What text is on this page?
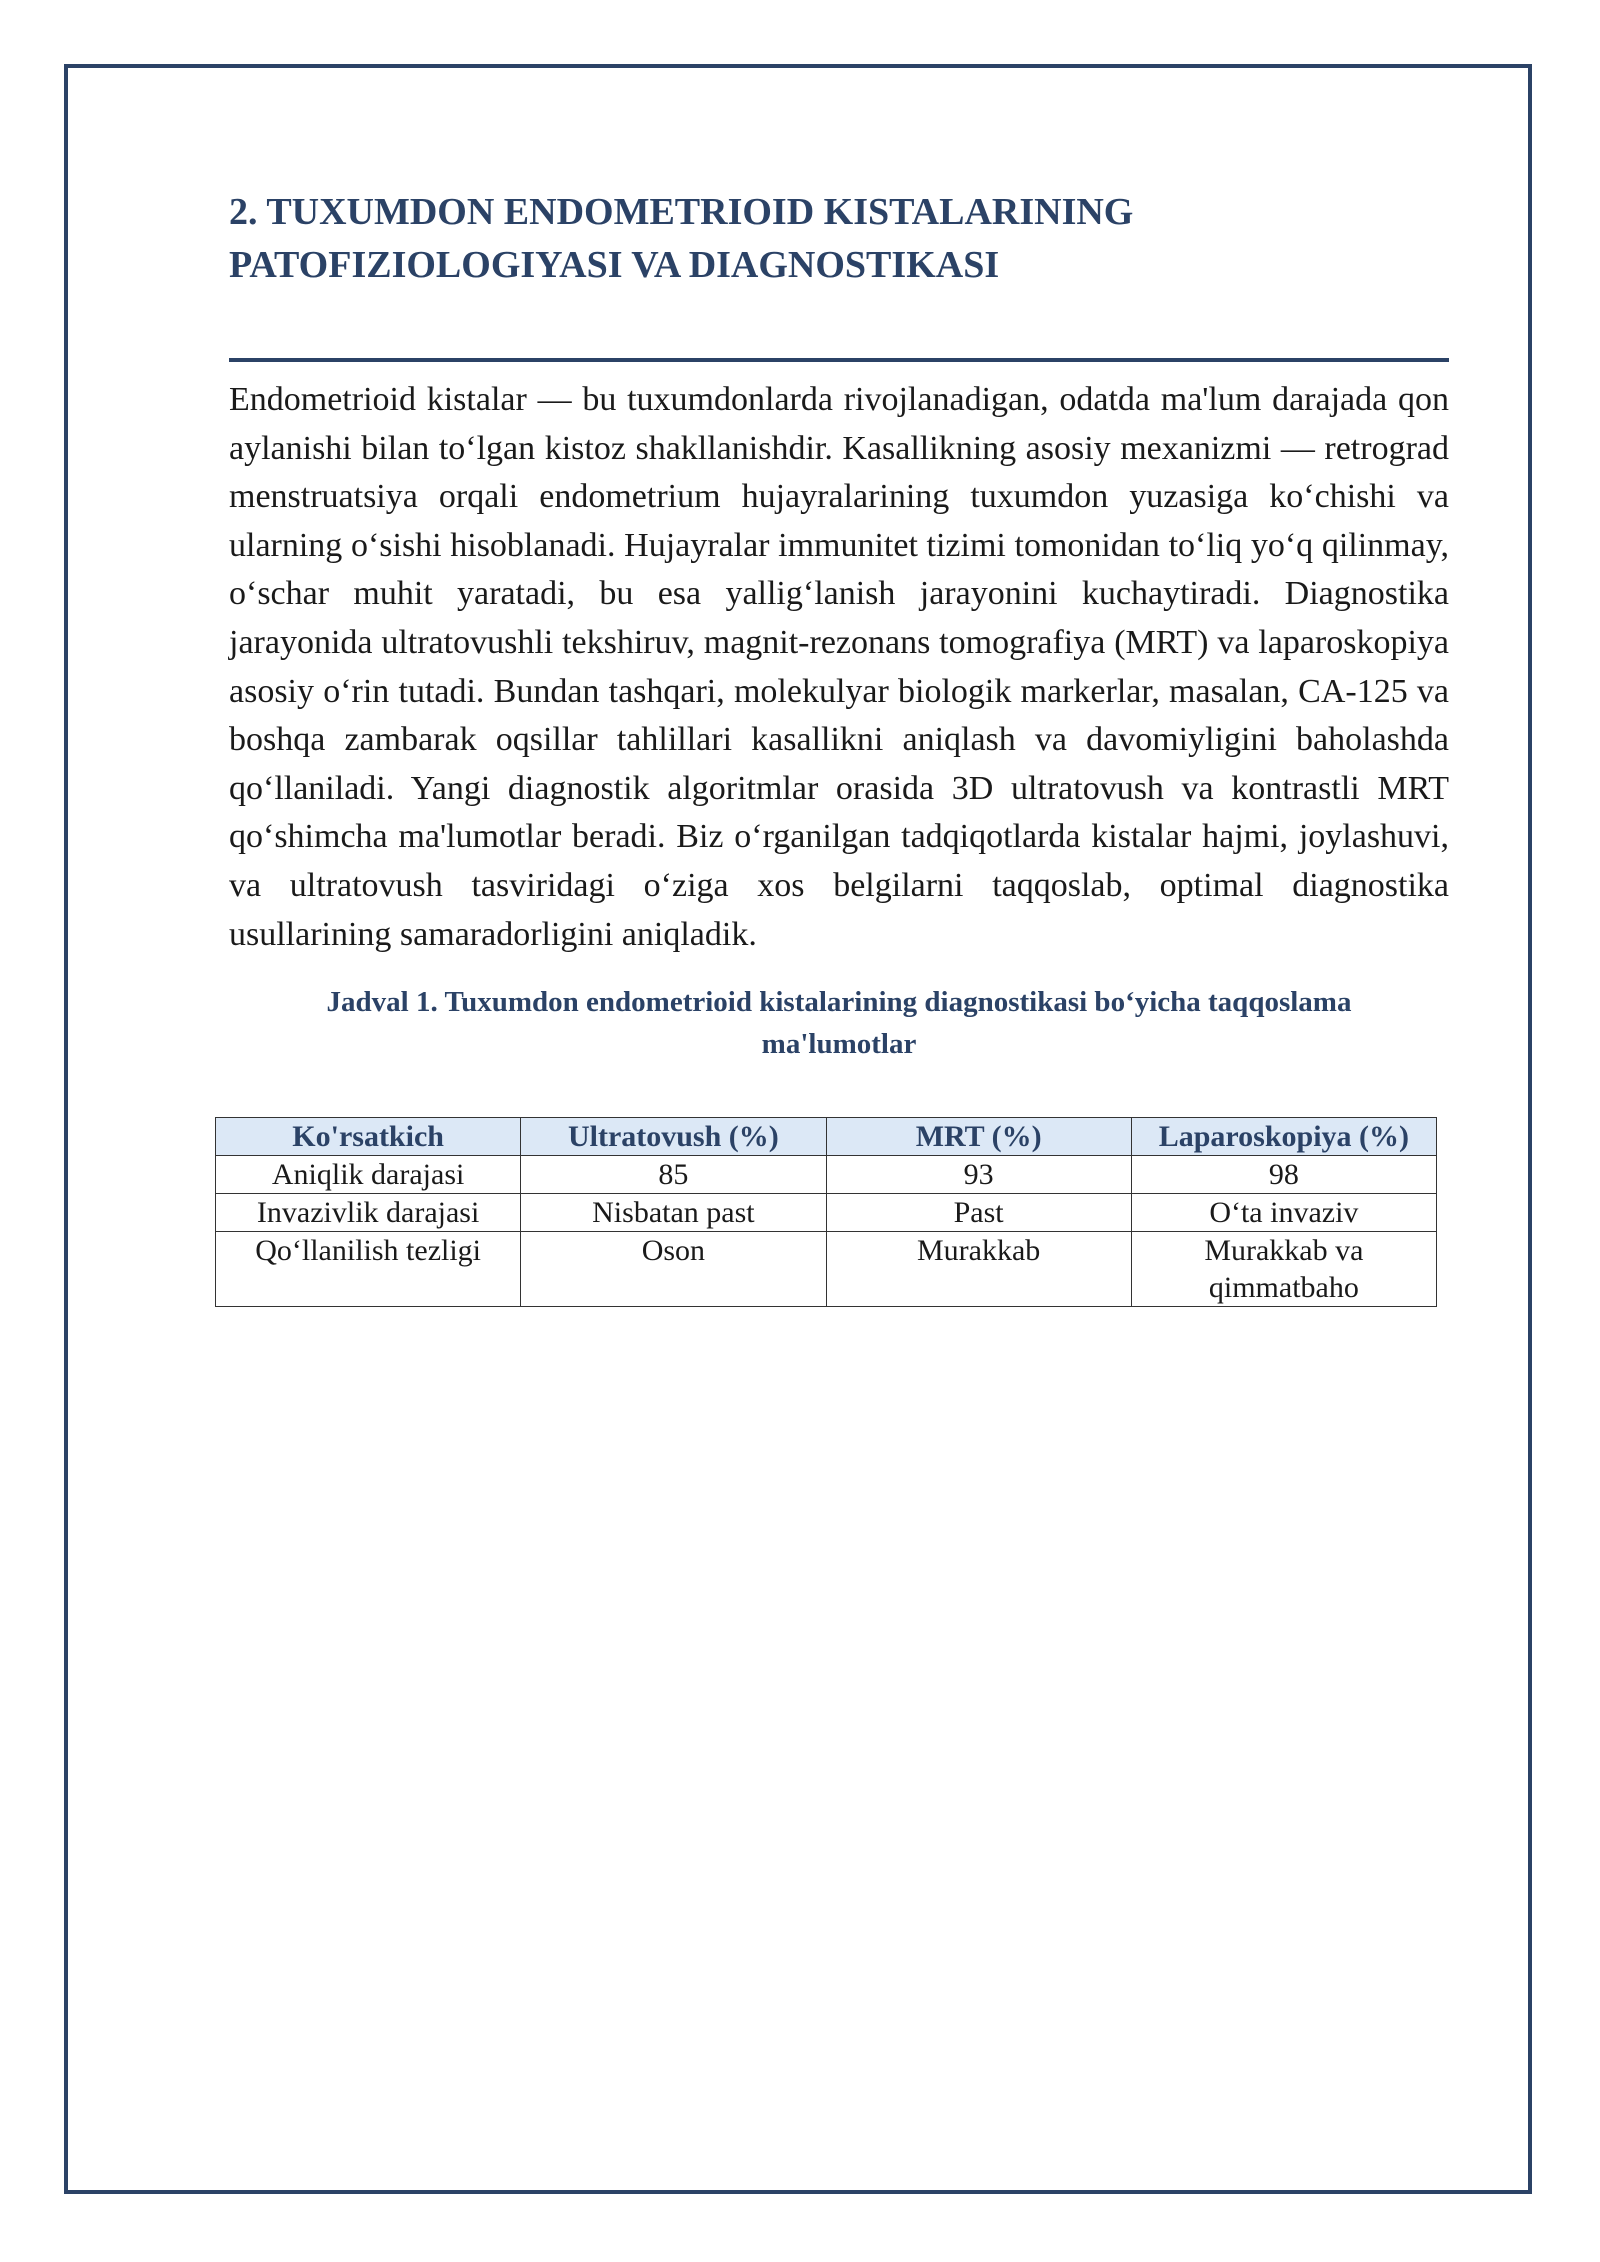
2. TUXUMDON ENDOMETRIOID KISTALARINING
PATOFIZIOLOGIYASI VA DIAGNOSTIKASI

Endometrioid kistalar — bu tuxumdonlarda rivojlanadigan, odatda ma'lum darajada qon aylanishi bilan to‘lgan kistoz shakllanishdir. Kasallikning asosiy mexanizmi — retrograd menstruatsiya orqali endometrium hujayralarining tuxumdon yuzasiga ko‘chishi va ularning o‘sishi hisoblanadi. Hujayralar immunitet tizimi tomonidan to‘liq yo‘q qilinmay, o‘schar muhit yaratadi, bu esa yallig‘lanish jarayonini kuchaytiradi. Diagnostika jarayonida ultratovushli tekshiruv, magnit-rezonans tomografiya (MRT) va laparoskopiya asosiy o‘rin tutadi. Bundan tashqari, molekulyar biologik markerlar, masalan, CA-125 va boshqa zambarak oqsillar tahlillari kasallikni aniqlash va davomiyligini baholashda qo‘llaniladi. Yangi diagnostik algoritmlar orasida 3D ultratovush va kontrastli MRT qo‘shimcha ma'lumotlar beradi. Biz o‘rganilgan tadqiqotlarda kistalar hajmi, joylashuvi, va ultratovush tasviridagi o‘ziga xos belgilarni taqqoslab, optimal diagnostika usullarining samaradorligini aniqladik.

Jadval 1. Tuxumdon endometrioid kistalarining diagnostikasi bo‘yicha taqqoslama
ma'lumotlar
Ko'rsatkich	Ultratovush (%)	MRT (%)	Laparoskopiya (%)
Aniqlik darajasi	85	93	98
Invazivlik darajasi	Nisbatan past	Past	O‘ta invaziv
Qo‘llanilish tezligi	Oson	Murakkab	Murakkab va qimmatbaho
